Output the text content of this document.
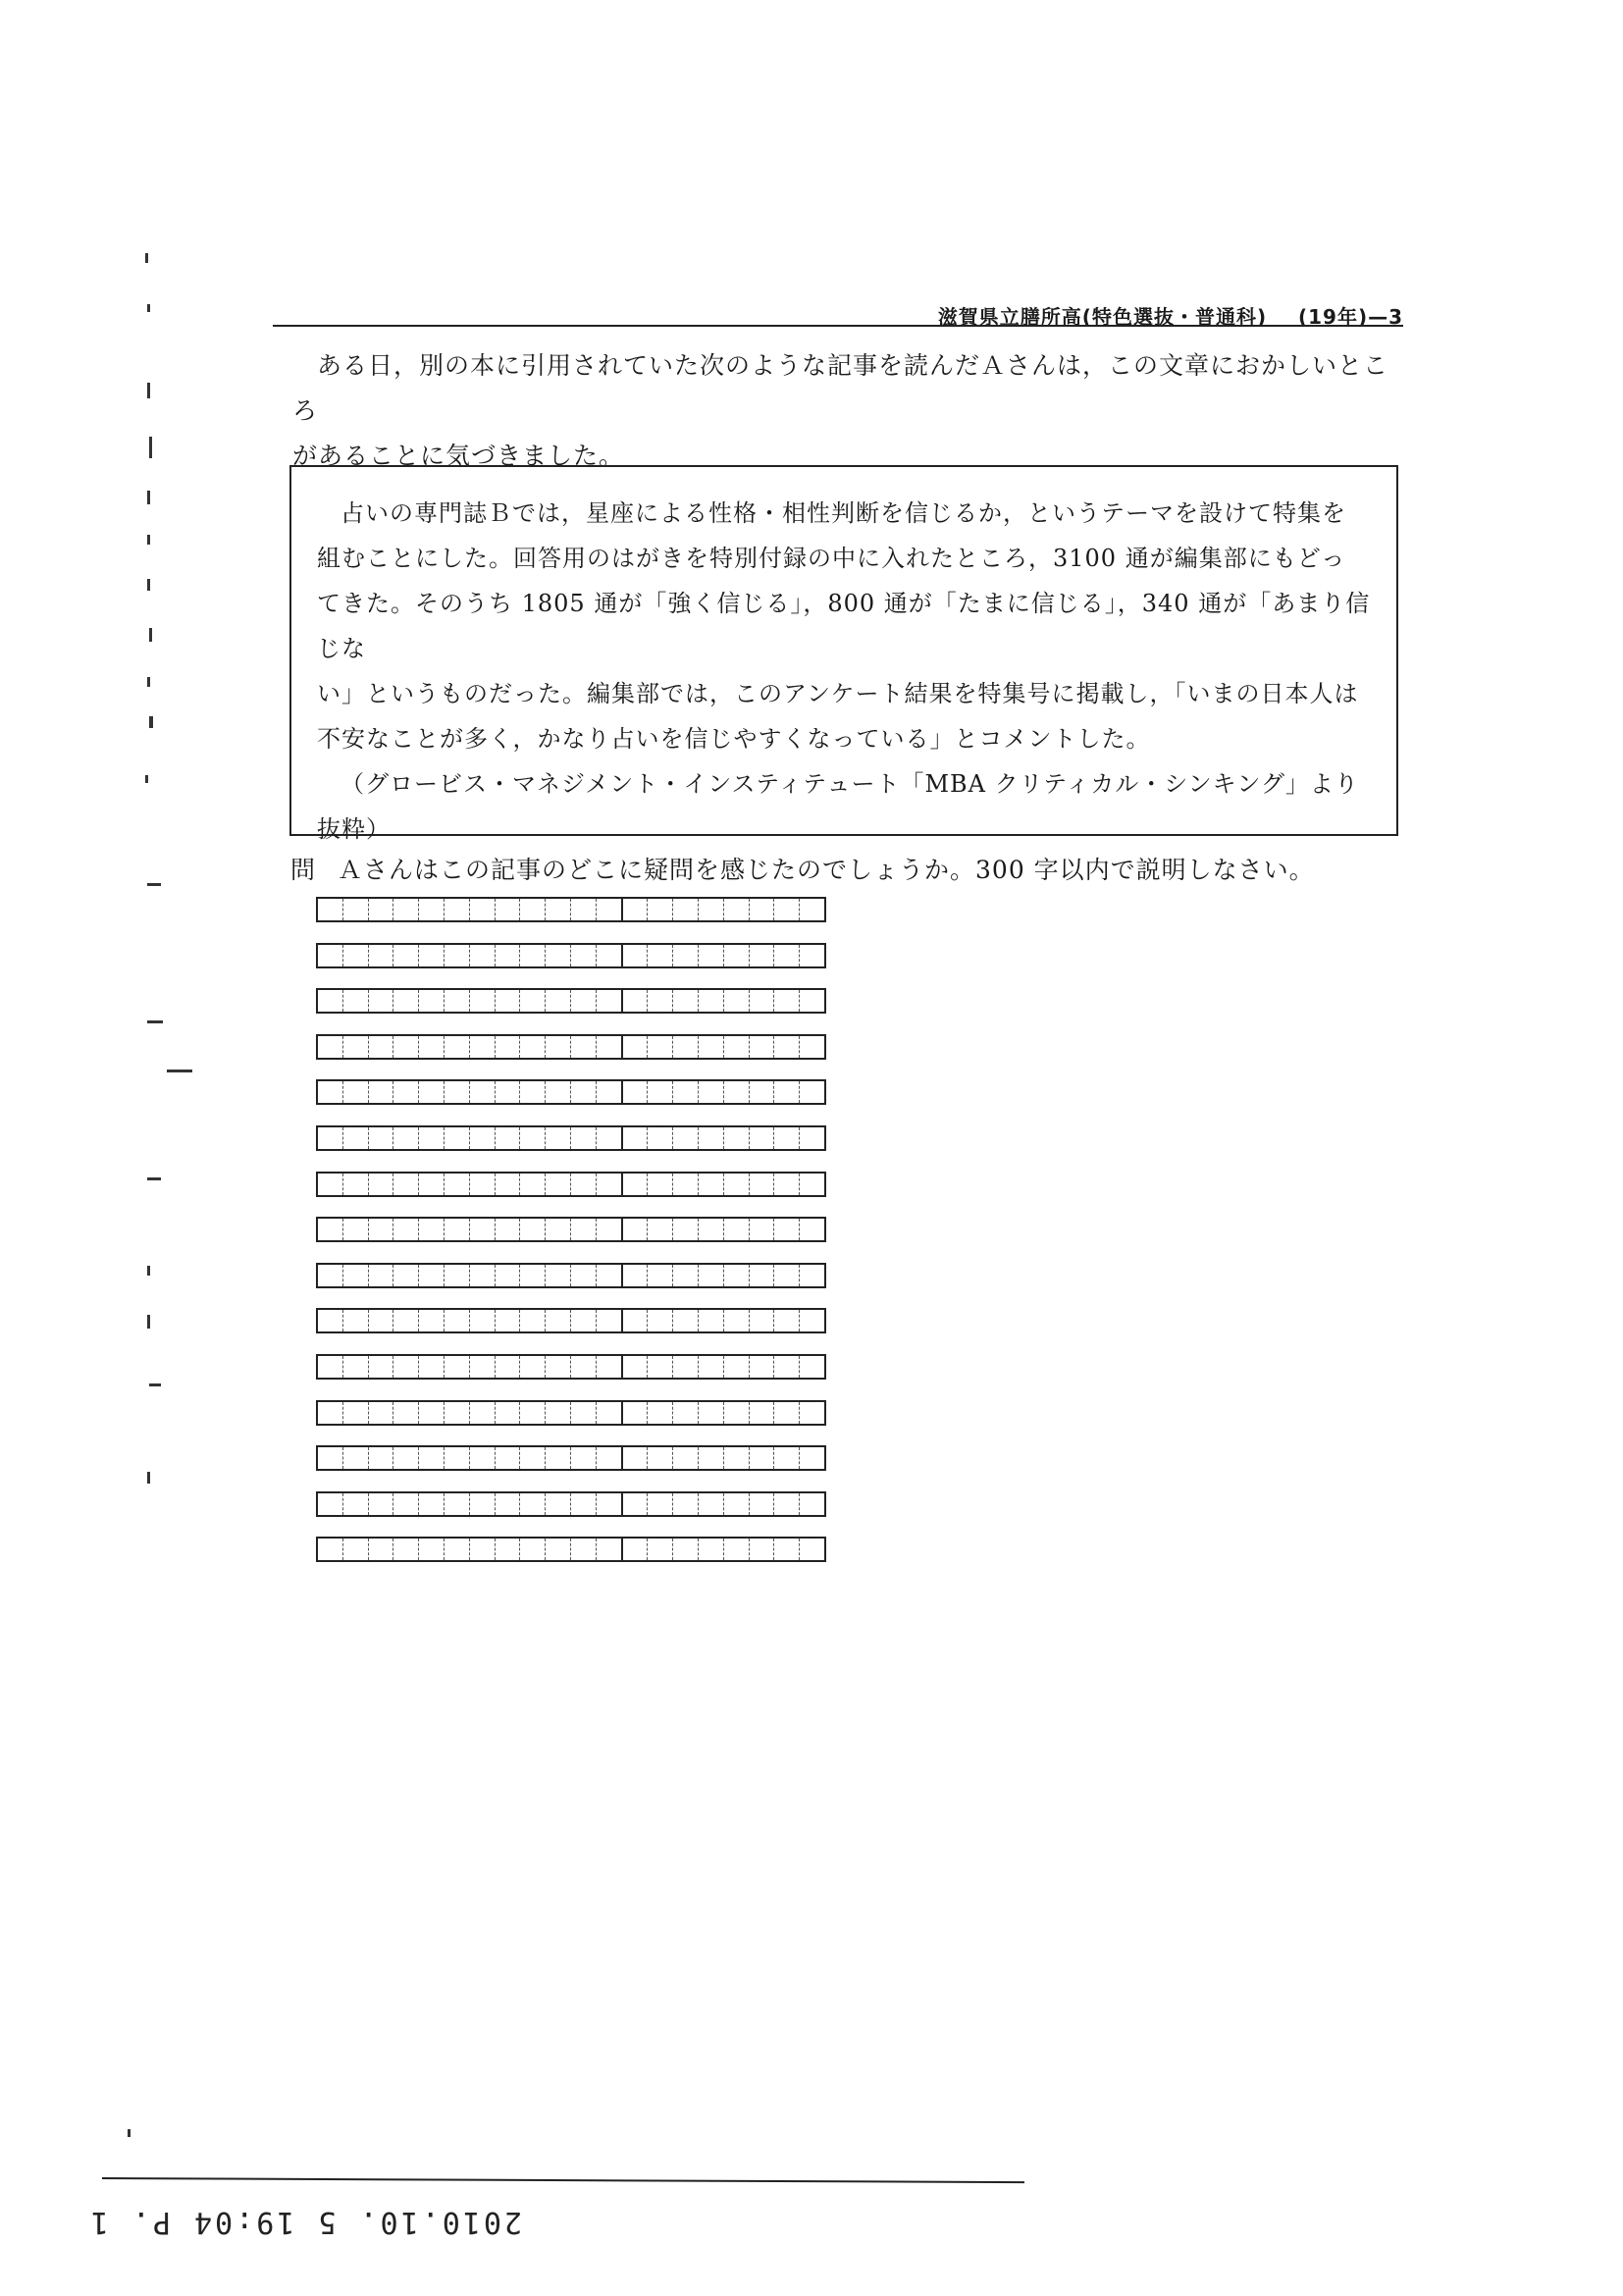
滋賀県立膳所高(特色選抜・普通科) (19年)—3

ある日，別の本に引用されていた次のような記事を読んだＡさんは，この文章におかしいところ

があることに気づきました。

占いの専門誌Ｂでは，星座による性格・相性判断を信じるか，というテーマを設けて特集を

組むことにした。回答用のはがきを特別付録の中に入れたところ，3100 通が編集部にもどっ

てきた。そのうち 1805 通が「強く信じる」，800 通が「たまに信じる」，340 通が「あまり信じな

い」というものだった。編集部では，このアンケート結果を特集号に掲載し，「いまの日本人は

不安なことが多く，かなり占いを信じやすくなっている」とコメントした。

（グロービス・マネジメント・インスティテュート「MBA クリティカル・シンキング」より

抜粋）

問 Ａさんはこの記事のどこに疑問を感じたのでしょうか。300 字以内で説明しなさい。
2010.10. 5 19:04 P. 1
